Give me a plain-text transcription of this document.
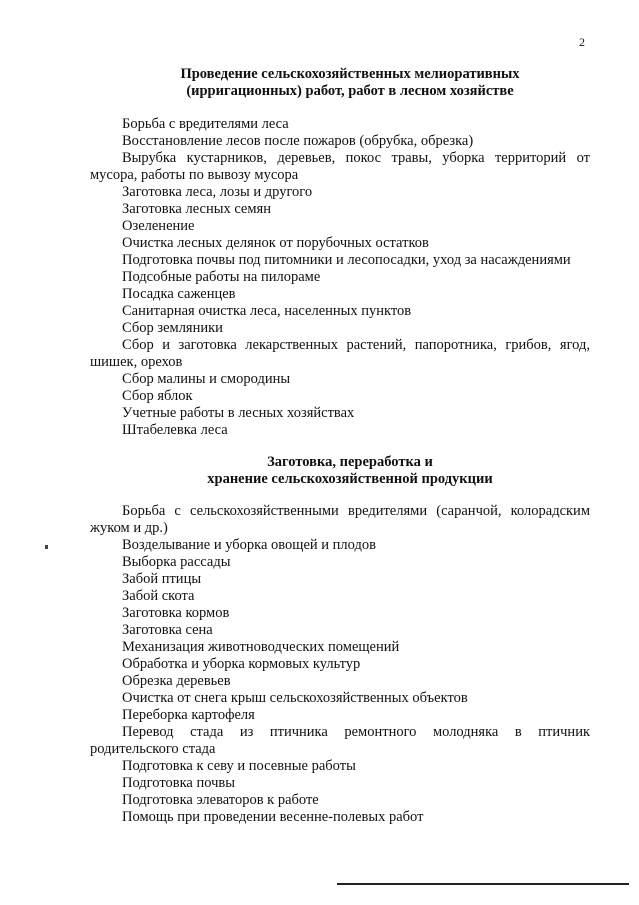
2
Проведение сельскохозяйственных мелиоративных
(ирригационных) работ, работ в лесном хозяйстве
Борьба с вредителями леса
Восстановление лесов после пожаров (обрубка, обрезка)
Вырубка кустарников, деревьев, покос травы, уборка территорий от мусора, работы по вывозу мусора
Заготовка леса, лозы и другого
Заготовка лесных семян
Озеленение
Очистка лесных делянок от порубочных остатков
Подготовка почвы под питомники и лесопосадки, уход за насаждениями
Подсобные работы на пилораме
Посадка саженцев
Санитарная очистка леса, населенных пунктов
Сбор земляники
Сбор и заготовка лекарственных растений, папоротника, грибов, ягод, шишек, орехов
Сбор малины и смородины
Сбор яблок
Учетные работы в лесных хозяйствах
Штабелевка леса
Заготовка, переработка и
хранение сельскохозяйственной продукции
Борьба с сельскохозяйственными вредителями (саранчой, колорадским жуком и др.)
Возделывание и уборка овощей и плодов
Выборка рассады
Забой птицы
Забой скота
Заготовка кормов
Заготовка сена
Механизация животноводческих помещений
Обработка и уборка кормовых культур
Обрезка деревьев
Очистка от снега крыш сельскохозяйственных объектов
Переборка картофеля
Перевод стада из птичника ремонтного молодняка в птичник родительского стада
Подготовка к севу и посевные работы
Подготовка почвы
Подготовка элеваторов к работе
Помощь при проведении весенне-полевых работ
